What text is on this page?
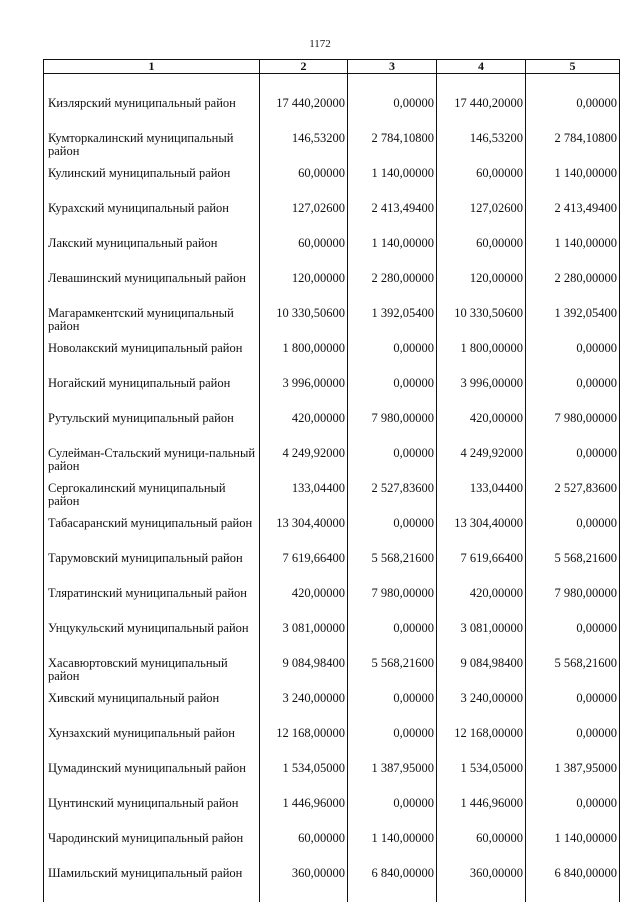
1172
1	2	3	4	5
Кизлярский муниципальный район	17 440,20000	0,00000	17 440,20000	0,00000
Кумторкалинский муниципальный район	146,53200	2 784,10800	146,53200	2 784,10800
Кулинский муниципальный район	60,00000	1 140,00000	60,00000	1 140,00000
Курахский муниципальный район	127,02600	2 413,49400	127,02600	2 413,49400
Лакский муниципальный район	60,00000	1 140,00000	60,00000	1 140,00000
Левашинский муниципальный район	120,00000	2 280,00000	120,00000	2 280,00000
Магарамкентский муниципальный район	10 330,50600	1 392,05400	10 330,50600	1 392,05400
Новолакский муниципальный район	1 800,00000	0,00000	1 800,00000	0,00000
Ногайский муниципальный район	3 996,00000	0,00000	3 996,00000	0,00000
Рутульский муниципальный район	420,00000	7 980,00000	420,00000	7 980,00000
Сулейман-Стальский муници-пальный район	4 249,92000	0,00000	4 249,92000	0,00000
Сергокалинский муниципальный район	133,04400	2 527,83600	133,04400	2 527,83600
Табасаранский муниципальный район	13 304,40000	0,00000	13 304,40000	0,00000
Тарумовский муниципальный район	7 619,66400	5 568,21600	7 619,66400	5 568,21600
Тляратинский муниципальный район	420,00000	7 980,00000	420,00000	7 980,00000
Унцукульский муниципальный район	3 081,00000	0,00000	3 081,00000	0,00000
Хасавюртовский муниципальный район	9 084,98400	5 568,21600	9 084,98400	5 568,21600
Хивский муниципальный район	3 240,00000	0,00000	3 240,00000	0,00000
Хунзахский муниципальный район	12 168,00000	0,00000	12 168,00000	0,00000
Цумадинский муниципальный район	1 534,05000	1 387,95000	1 534,05000	1 387,95000
Цунтинский муниципальный район	1 446,96000	0,00000	1 446,96000	0,00000
Чародинский муниципальный район	60,00000	1 140,00000	60,00000	1 140,00000
Шамильский муниципальный район	360,00000	6 840,00000	360,00000	6 840,00000
